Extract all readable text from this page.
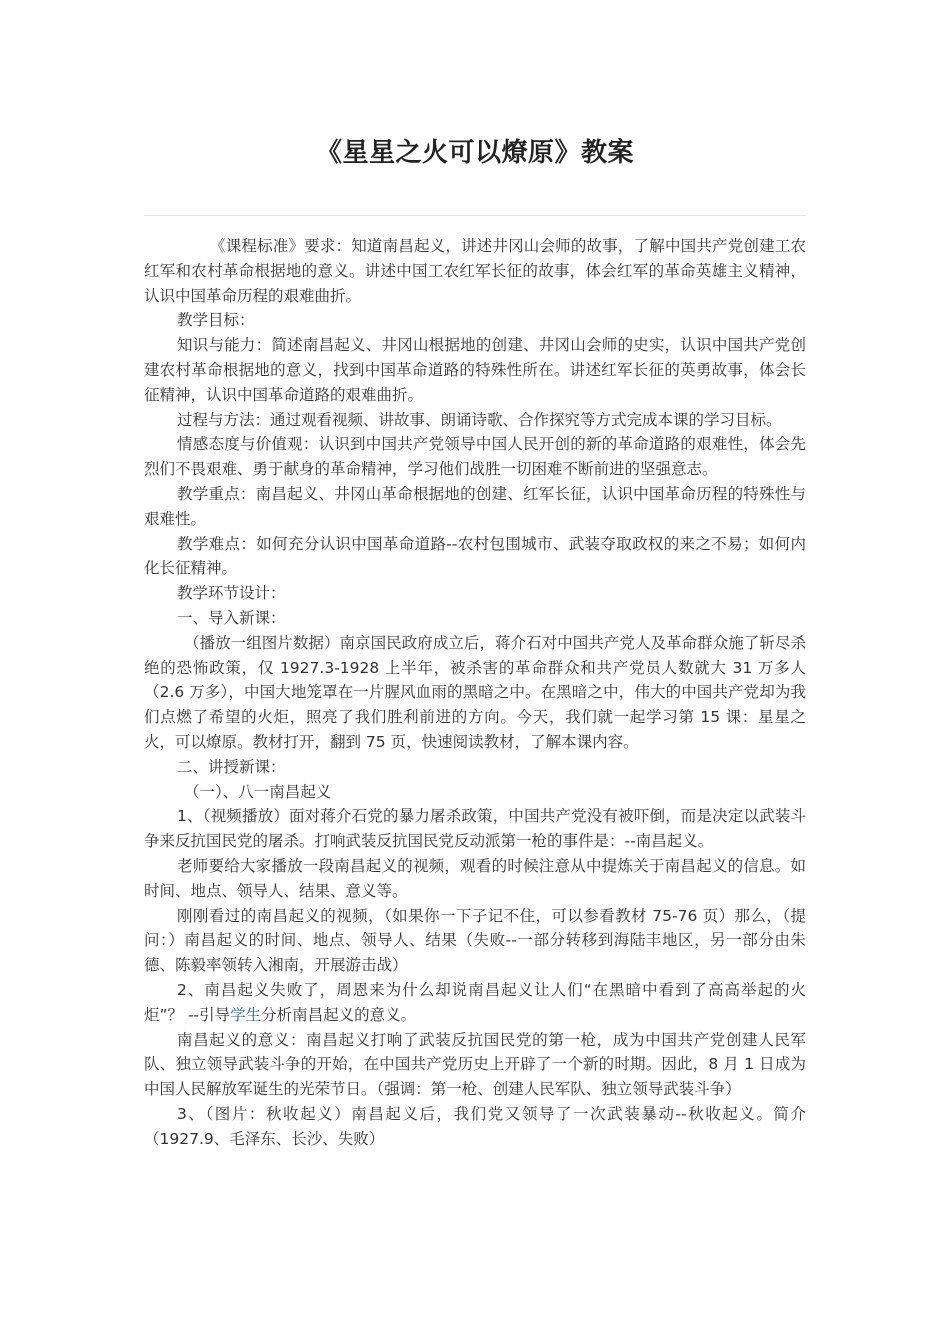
《星星之火可以燎原》教案

《课程标准》要求：知道南昌起义，讲述井冈山会师的故事，了解中国共产党创建工农红军和农村革命根据地的意义。讲述中国工农红军长征的故事，体会红军的革命英雄主义精神，认识中国革命历程的艰难曲折。

教学目标：

知识与能力：简述南昌起义、井冈山根据地的创建、井冈山会师的史实，认识中国共产党创建农村革命根据地的意义，找到中国革命道路的特殊性所在。讲述红军长征的英勇故事，体会长征精神，认识中国革命道路的艰难曲折。

过程与方法：通过观看视频、讲故事、朗诵诗歌、合作探究等方式完成本课的学习目标。

情感态度与价值观：认识到中国共产党领导中国人民开创的新的革命道路的艰难性，体会先烈们不畏艰难、勇于献身的革命精神，学习他们战胜一切困难不断前进的坚强意志。

教学重点：南昌起义、井冈山革命根据地的创建、红军长征，认识中国革命历程的特殊性与艰难性。

教学难点：如何充分认识中国革命道路--农村包围城市、武装夺取政权的来之不易；如何内化长征精神。

教学环节设计：

一、导入新课：

（播放一组图片数据）南京国民政府成立后，蒋介石对中国共产党人及革命群众施了斩尽杀绝的恐怖政策，仅 1927.3-1928 上半年，被杀害的革命群众和共产党员人数就大 31 万多人（2.6 万多），中国大地笼罩在一片腥风血雨的黑暗之中。在黑暗之中，伟大的中国共产党却为我们点燃了希望的火炬，照亮了我们胜利前进的方向。今天，我们就一起学习第 15 课：星星之火，可以燎原。教材打开，翻到 75 页，快速阅读教材，了解本课内容。

二、讲授新课：

（一）、八一南昌起义

1、（视频播放）面对蒋介石党的暴力屠杀政策，中国共产党没有被吓倒，而是决定以武装斗争来反抗国民党的屠杀。打响武装反抗国民党反动派第一枪的事件是：--南昌起义。

老师要给大家播放一段南昌起义的视频，观看的时候注意从中提炼关于南昌起义的信息。如时间、地点、领导人、结果、意义等。

刚刚看过的南昌起义的视频，（如果你一下子记不住，可以参看教材 75-76 页）那么，（提问：）南昌起义的时间、地点、领导人、结果（失败--一部分转移到海陆丰地区，另一部分由朱德、陈毅率领转入湘南，开展游击战）

2、南昌起义失败了，周恩来为什么却说南昌起义让人们“在黑暗中看到了高高举起的火炬”？ --引导学生分析南昌起义的意义。

南昌起义的意义：南昌起义打响了武装反抗国民党的第一枪，成为中国共产党创建人民军队、独立领导武装斗争的开始，在中国共产党历史上开辟了一个新的时期。因此，8 月 1 日成为中国人民解放军诞生的光荣节日。（强调：第一枪、创建人民军队、独立领导武装斗争）

3、（图片：秋收起义）南昌起义后，我们党又领导了一次武装暴动--秋收起义。简介（1927.9、毛泽东、长沙、失败）
